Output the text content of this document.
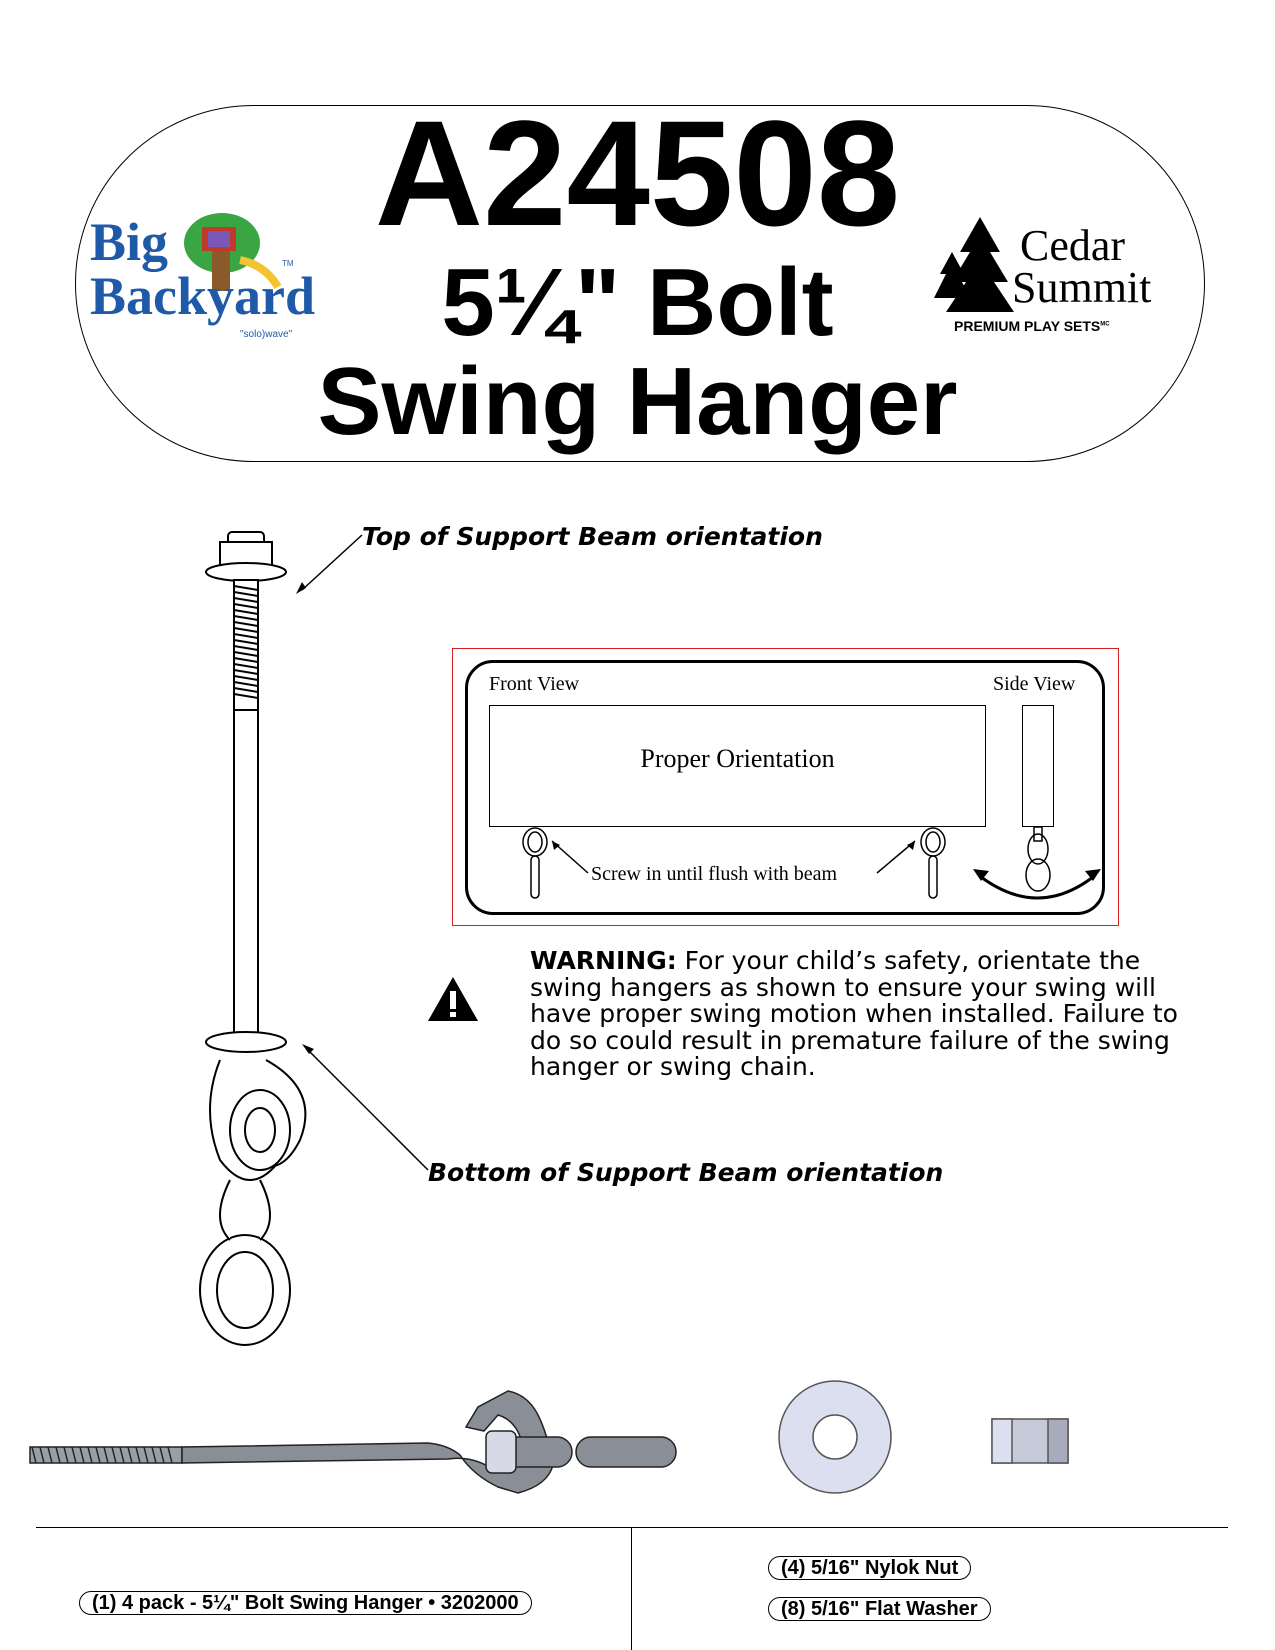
A24508
5¼" Bolt
Swing Hanger
Big
Backyard
TM
"solo)wave"
Cedar
Summit
PREMIUM PLAY $SETS^{MC}$
Top of Support Beam orientation
Bottom of Support Beam orientation
Front View	Side View
Proper Orientation
Screw in until flush with beam
WARNING: For your child’s safety, orientate the swing hangers as shown to ensure your swing will have proper swing motion when installed. Failure to do so could result in premature failure of the swing hanger or swing chain.
(1) 4 pack - 5¼" Bolt Swing Hanger • 3202000
(4) 5/16" Nylok Nut
(8) 5/16" Flat Washer
